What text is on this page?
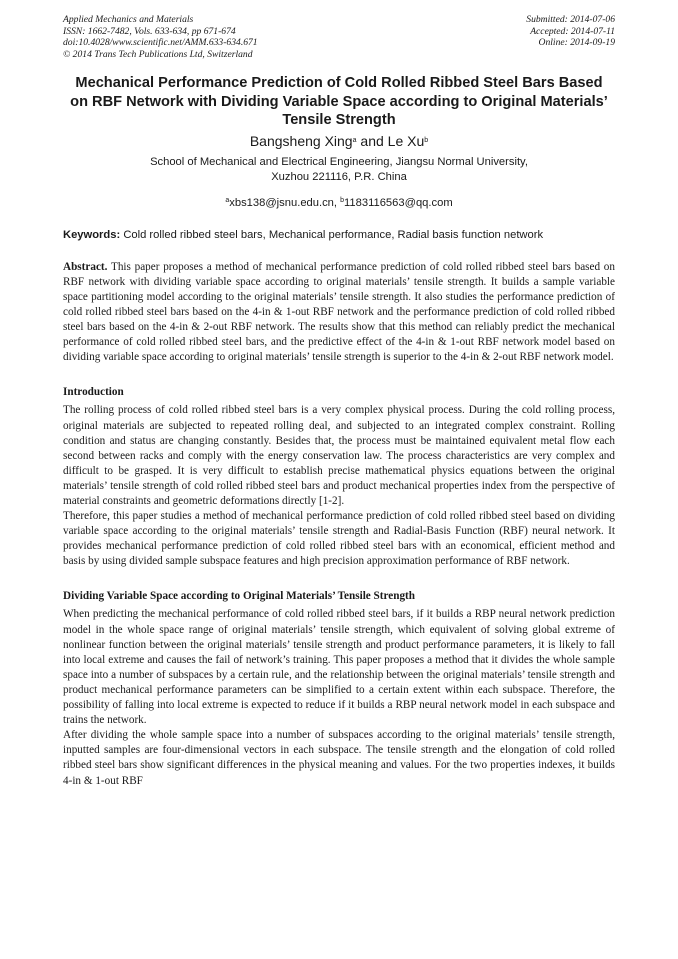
Applied Mechanics and Materials
ISSN: 1662-7482, Vols. 633-634, pp 671-674
doi:10.4028/www.scientific.net/AMM.633-634.671
© 2014 Trans Tech Publications Ltd, Switzerland
Submitted: 2014-07-06
Accepted: 2014-07-11
Online: 2014-09-19
Mechanical Performance Prediction of Cold Rolled Ribbed Steel Bars Based on RBF Network with Dividing Variable Space according to Original Materials’ Tensile Strength
Bangsheng Xing$^a$ and Le Xu$^b$
School of Mechanical and Electrical Engineering, Jiangsu Normal University,
Xuzhou 221116, P.R. China
$^a$xbs138@jsnu.edu.cn, $^b$1183116563@qq.com
Keywords: Cold rolled ribbed steel bars, Mechanical performance, Radial basis function network
Abstract. This paper proposes a method of mechanical performance prediction of cold rolled ribbed steel bars based on RBF network with dividing variable space according to original materials’ tensile strength. It builds a sample variable space partitioning model according to the original materials’ tensile strength. It also studies the performance prediction of cold rolled ribbed steel bars based on the 4-in & 1-out RBF network and the performance prediction of cold rolled ribbed steel bars based on the 4-in & 2-out RBF network. The results show that this method can reliably predict the mechanical performance of cold rolled ribbed steel bars, and the predictive effect of the 4-in & 1-out RBF network model based on dividing variable space according to original materials’ tensile strength is superior to the 4-in & 2-out RBF network model.
Introduction

The rolling process of cold rolled ribbed steel bars is a very complex physical process. During the cold rolling process, original materials are subjected to repeated rolling deal, and subjected to an integrated complex constraint. Rolling condition and status are changing constantly. Besides that, the process must be maintained equivalent metal flow each second between racks and comply with the energy conservation law. The process characteristics are very complex and difficult to be grasped. It is very difficult to establish precise mathematical physics equations between the original materials’ tensile strength of cold rolled ribbed steel bars and product mechanical properties index from the perspective of material constraints and geometric deformations directly [1-2].

Therefore, this paper studies a method of mechanical performance prediction of cold rolled ribbed steel based on dividing variable space according to the original materials’ tensile strength and Radial-Basis Function (RBF) neural network. It provides mechanical performance prediction of cold rolled ribbed steel bars with an economical, efficient method and basis by using divided sample subspace features and high precision approximation performance of RBF network.

Dividing Variable Space according to Original Materials’ Tensile Strength

When predicting the mechanical performance of cold rolled ribbed steel bars, if it builds a RBP neural network prediction model in the whole space range of original materials’ tensile strength, which equivalent of solving global extreme of nonlinear function between the original materials’ tensile strength and product performance parameters, it is likely to fall into local extreme and causes the fail of network’s training. This paper proposes a method that it divides the whole sample space into a number of subspaces by a certain rule, and the relationship between the original materials’ tensile strength and product mechanical performance parameters can be simplified to a certain extent within each subspace. Therefore, the possibility of falling into local extreme is expected to reduce if it builds a RBP neural network model in each subspace and trains the network.

After dividing the whole sample space into a number of subspaces according to the original materials’ tensile strength, inputted samples are four-dimensional vectors in each subspace. The tensile strength and the elongation of cold rolled ribbed steel bars show significant differences in the physical meaning and values. For the two properties indexes, it builds 4-in & 1-out RBF
